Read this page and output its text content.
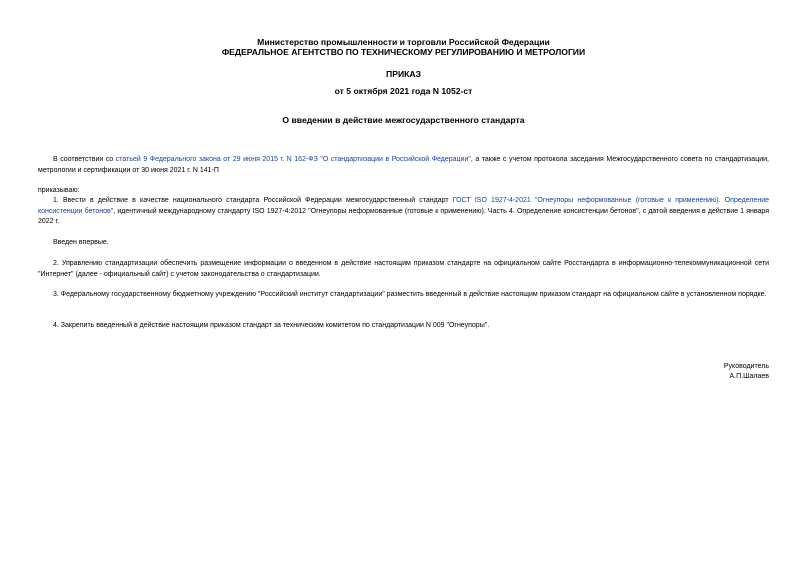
Министерство промышленности и торговли Российской Федерации
ФЕДЕРАЛЬНОЕ АГЕНТСТВО ПО ТЕХНИЧЕСКОМУ РЕГУЛИРОВАНИЮ И МЕТРОЛОГИИ
ПРИКАЗ
от 5 октября 2021 года N 1052-ст
О введении в действие межгосударственного стандарта
В соответствии со статьей 9 Федерального закона от 29 июня 2015 г. N 162-ФЗ "О стандартизации в Российской Федерации", а также с учетом протокола заседания Межгосударственного совета по стандартизации, метрологии и сертификации от 30 июня 2021 г. N 141-П
приказываю:
1. Ввести в действие в качестве национального стандарта Российской Федерации межгосударственный стандарт ГОСТ ISO 1927-4-2021 "Огнеупоры неформованные (готовые к применению). Определение консистенции бетонов", идентичный международному стандарту ISO 1927-4:2012 "Огнеупоры неформованные (готовые к применению). Часть 4. Определение консистенции бетонов", с датой введения в действие 1 января 2022 г.
Введен впервые.
2. Управлению стандартизации обеспечить размещение информации о введенном в действие настоящим приказом стандарте на официальном сайте Росстандарта в информационно-телекоммуникационной сети "Интернет" (далее - официальный сайт) с учетом законодательства о стандартизации.
3. Федеральному государственному бюджетному учреждению "Российский институт стандартизации" разместить введенный в действие настоящим приказом стандарт на официальном сайте в установленном порядке.
4. Закрепить введенный в действие настоящим приказом стандарт за техническим комитетом по стандартизации N 009 "Огнеупоры".
Руководитель
А.П.Шалаев
